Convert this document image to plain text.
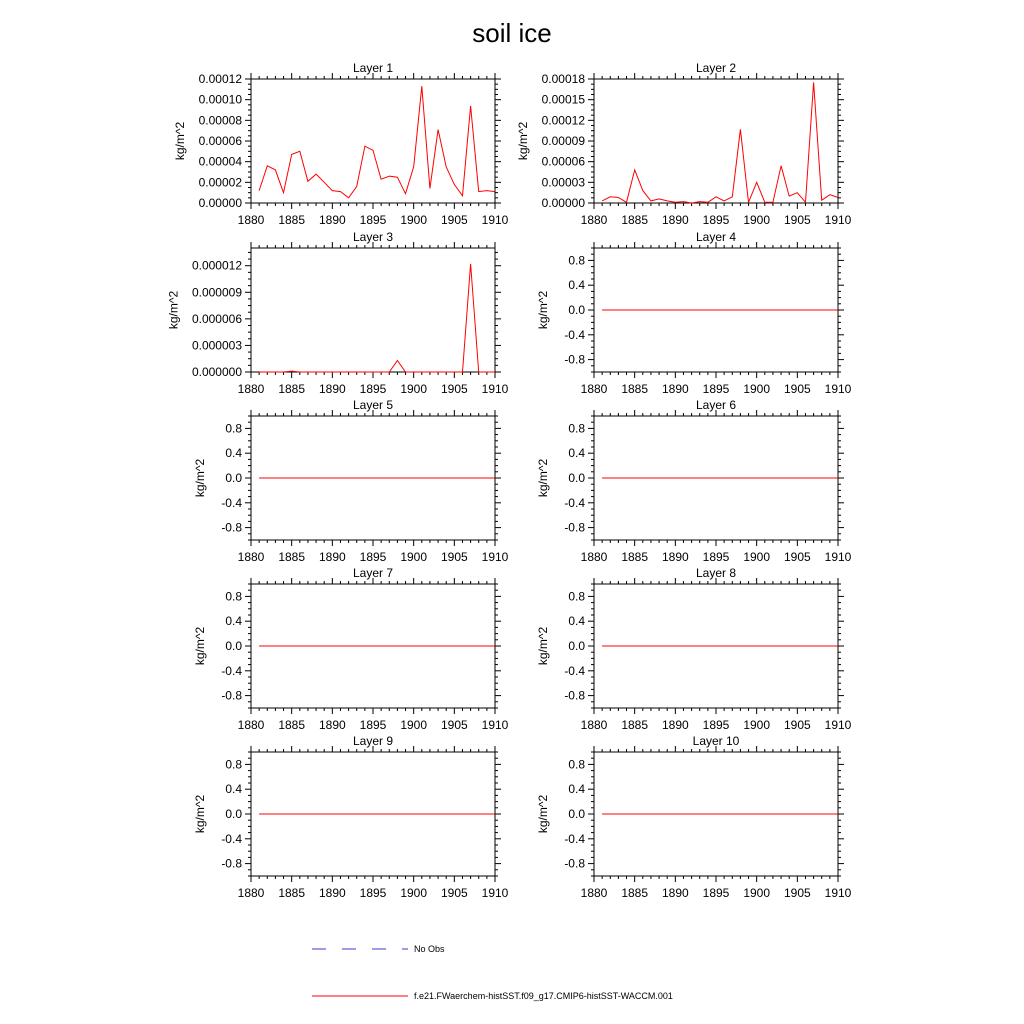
soil ice
Layer 1
1880 1885 1890 1895 1900 1905 1910
0.00000
0.00002
0.00004
0.00006
0.00008
0.00010
0.00012
kg/m^2
Layer 2
1880 1885 1890 1895 1900 1905 1910
0.00000
0.00003
0.00006
0.00009
0.00012
0.00015
0.00018
kg/m^2
Layer 3
1880 1885 1890 1895 1900 1905 1910
0.000000
0.000003
0.000006
0.000009
0.000012
kg/m^2
Layer 4
1880 1885 1890 1895 1900 1905 1910
-0.8
-0.4
0.0
0.4
0.8
kg/m^2
Layer 5
1880 1885 1890 1895 1900 1905 1910
-0.8
-0.4
0.0
0.4
0.8
kg/m^2
Layer 6
1880 1885 1890 1895 1900 1905 1910
-0.8
-0.4
0.0
0.4
0.8
kg/m^2
Layer 7
1880 1885 1890 1895 1900 1905 1910
-0.8
-0.4
0.0
0.4
0.8
kg/m^2
Layer 8
1880 1885 1890 1895 1900 1905 1910
-0.8
-0.4
0.0
0.4
0.8
kg/m^2
Layer 9
1880 1885 1890 1895 1900 1905 1910
-0.8
-0.4
0.0
0.4
0.8
kg/m^2
Layer 10
1880 1885 1890 1895 1900 1905 1910
-0.8
-0.4
0.0
0.4
0.8
kg/m^2
No Obs
f.e21.FWaerchem-histSST.f09_g17.CMIP6-histSST-WACCM.001
